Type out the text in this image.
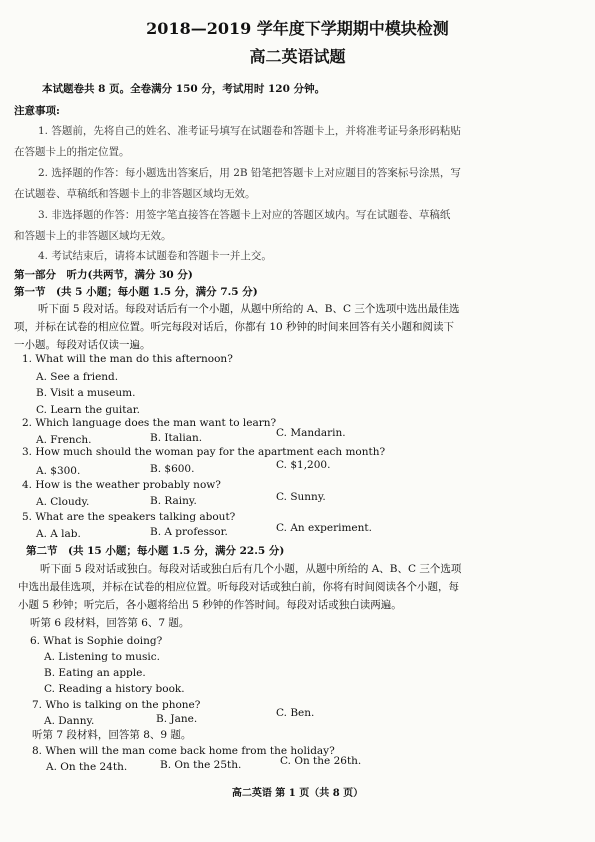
2018—2019 学年度下学期期中模块检测
高二英语试题
本试题卷共 8 页。全卷满分 150 分，考试用时 120 分钟。
注意事项:
1. 答题前，先将自己的姓名、准考证号填写在试题卷和答题卡上，并将准考证号条形码粘贴
在答题卡上的指定位置。
2. 选择题的作答：每小题选出答案后，用 2B 铅笔把答题卡上对应题目的答案标号涂黑，写
在试题卷、草稿纸和答题卡上的非答题区域均无效。
3. 非选择题的作答：用签字笔直接答在答题卡上对应的答题区域内。写在试题卷、草稿纸
和答题卡上的非答题区域均无效。
4. 考试结束后，请将本试题卷和答题卡一并上交。
第一部分　听力(共两节，满分 30 分)
第一节　(共 5 小题；每小题 1.5 分，满分 7.5 分)
听下面 5 段对话。每段对话后有一个小题，从题中所给的 A、B、C 三个选项中选出最佳选
项，并标在试卷的相应位置。听完每段对话后，你都有 10 秒钟的时间来回答有关小题和阅读下
一小题。每段对话仅读一遍。
1. What will the man do this afternoon?
A. See a friend.
B. Visit a museum.
C. Learn the guitar.
2. Which language does the man want to learn?
A. French.	B. Italian.	C. Mandarin.
3. How much should the woman pay for the apartment each month?
A. $300.	B. $600.	C. $1,200.
4. How is the weather probably now?
A. Cloudy.	B. Rainy.	C. Sunny.
5. What are the speakers talking about?
A. A lab.	B. A professor.	C. An experiment.
第二节　(共 15 小题；每小题 1.5 分，满分 22.5 分)
听下面 5 段对话或独白。每段对话或独白后有几个小题，从题中所给的 A、B、C 三个选项
中选出最佳选项，并标在试卷的相应位置。听每段对话或独白前，你将有时间阅读各个小题，每
小题 5 秒钟；听完后，各小题将给出 5 秒钟的作答时间。每段对话或独白读两遍。
听第 6 段材料，回答第 6、7 题。
6. What is Sophie doing?
A. Listening to music.
B. Eating an apple.
C. Reading a history book.
7. Who is talking on the phone?
A. Danny.	B. Jane.	C. Ben.
听第 7 段材料，回答第 8、9 题。
8. When will the man come back home from the holiday?
A. On the 24th.	B. On the 25th.	C. On the 26th.
高二英语 第 1 页（共 8 页）
